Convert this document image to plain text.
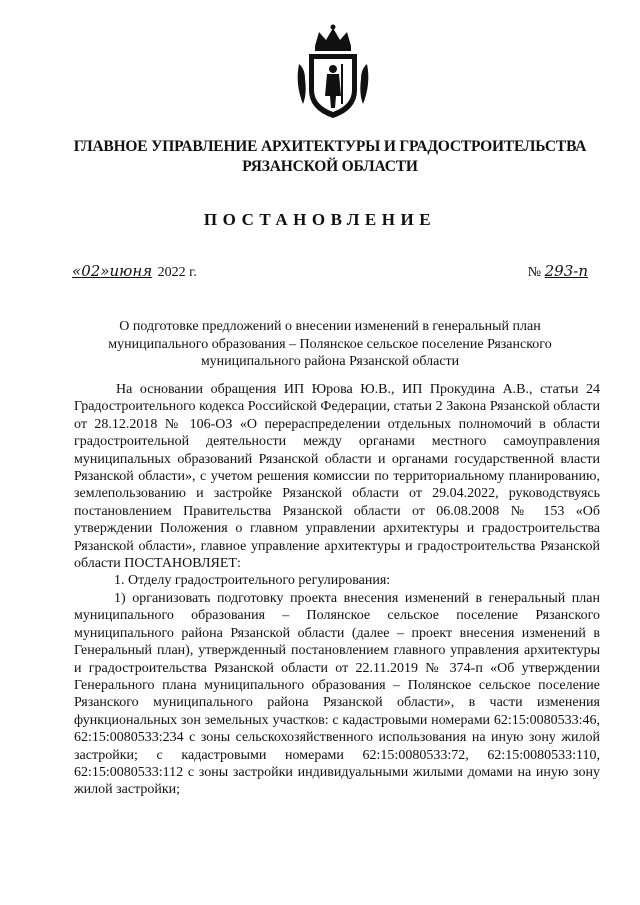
ГЛАВНОЕ УПРАВЛЕНИЕ АРХИТЕКТУРЫ И ГРАДОСТРОИТЕЛЬСТВА
РЯЗАНСКОЙ ОБЛАСТИ
ПОСТАНОВЛЕНИЕ
«02»июня 2022 г.	№ 293-п
О подготовке предложений о внесении изменений в генеральный план муниципального образования – Полянское сельское поселение Рязанского муниципального района Рязанской области

На основании обращения ИП Юрова Ю.В., ИП Прокудина А.В., статьи 24 Градостроительного кодекса Российской Федерации, статьи 2 Закона Рязанской области от 28.12.2018 № 106-ОЗ «О перераспределении отдельных полномочий в области градостроительной деятельности между органами местного самоуправления муниципальных образований Рязанской области и органами государственной власти Рязанской области», с учетом решения комиссии по территориальному планированию, землепользованию и застройке Рязанской области от 29.04.2022, руководствуясь постановлением Правительства Рязанской области от 06.08.2008 № 153 «Об утверждении Положения о главном управлении архитектуры и градостроительства Рязанской области», главное управление архитектуры и градостроительства Рязанской области ПОСТАНОВЛЯЕТ:

1. Отделу градостроительного регулирования:

1) организовать подготовку проекта внесения изменений в генеральный план муниципального образования – Полянское сельское поселение Рязанского муниципального района Рязанской области (далее – проект внесения изменений в Генеральный план), утвержденный постановлением главного управления архитектуры и градостроительства Рязанской области от 22.11.2019 № 374-п «Об утверждении Генерального плана муниципального образования – Полянское сельское поселение Рязанского муниципального района Рязанской области», в части изменения функциональных зон земельных участков: с кадастровыми номерами 62:15:0080533:46, 62:15:0080533:234 с зоны сельскохозяйственного использования на иную зону жилой застройки; с кадастровыми номерами 62:15:0080533:72, 62:15:0080533:110, 62:15:0080533:112 с зоны застройки индивидуальными жилыми домами на иную зону жилой застройки;
